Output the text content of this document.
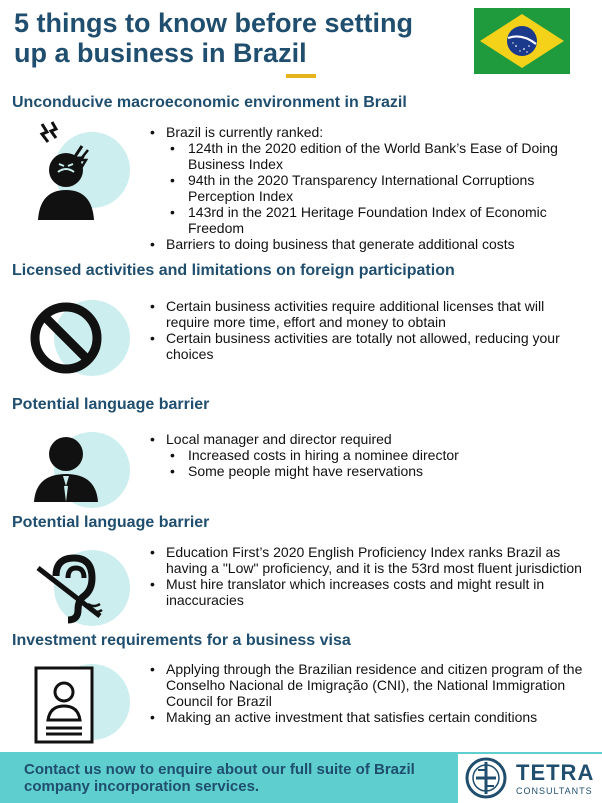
5 things to know before setting up a business in Brazil
Unconducive macroeconomic environment in Brazil
• Brazil is currently ranked:
• 124th in the 2020 edition of the World Bank’s Ease of Doing Business Index
• 94th in the 2020 Transparency International Corruptions Perception Index
• 143rd in the 2021 Heritage Foundation Index of Economic Freedom
• Barriers to doing business that generate additional costs
Licensed activities and limitations on foreign participation
• Certain business activities require additional licenses that will require more time, effort and money to obtain
• Certain business activities are totally not allowed, reducing your choices
Potential language barrier
• Local manager and director required
• Increased costs in hiring a nominee director
• Some people might have reservations
Potential language barrier
• Education First’s 2020 English Proficiency Index ranks Brazil as having a "Low" proficiency, and it is the 53rd most fluent jurisdiction
• Must hire translator which increases costs and might result in inaccuracies
Investment requirements for a business visa
• Applying through the Brazilian residence and citizen program of the Conselho Nacional de Imigração (CNI), the National Immigration Council for Brazil
• Making an active investment that satisfies certain conditions
Contact us now to enquire about our full suite of Brazil company incorporation services.
TETRA
CONSULTANTS
